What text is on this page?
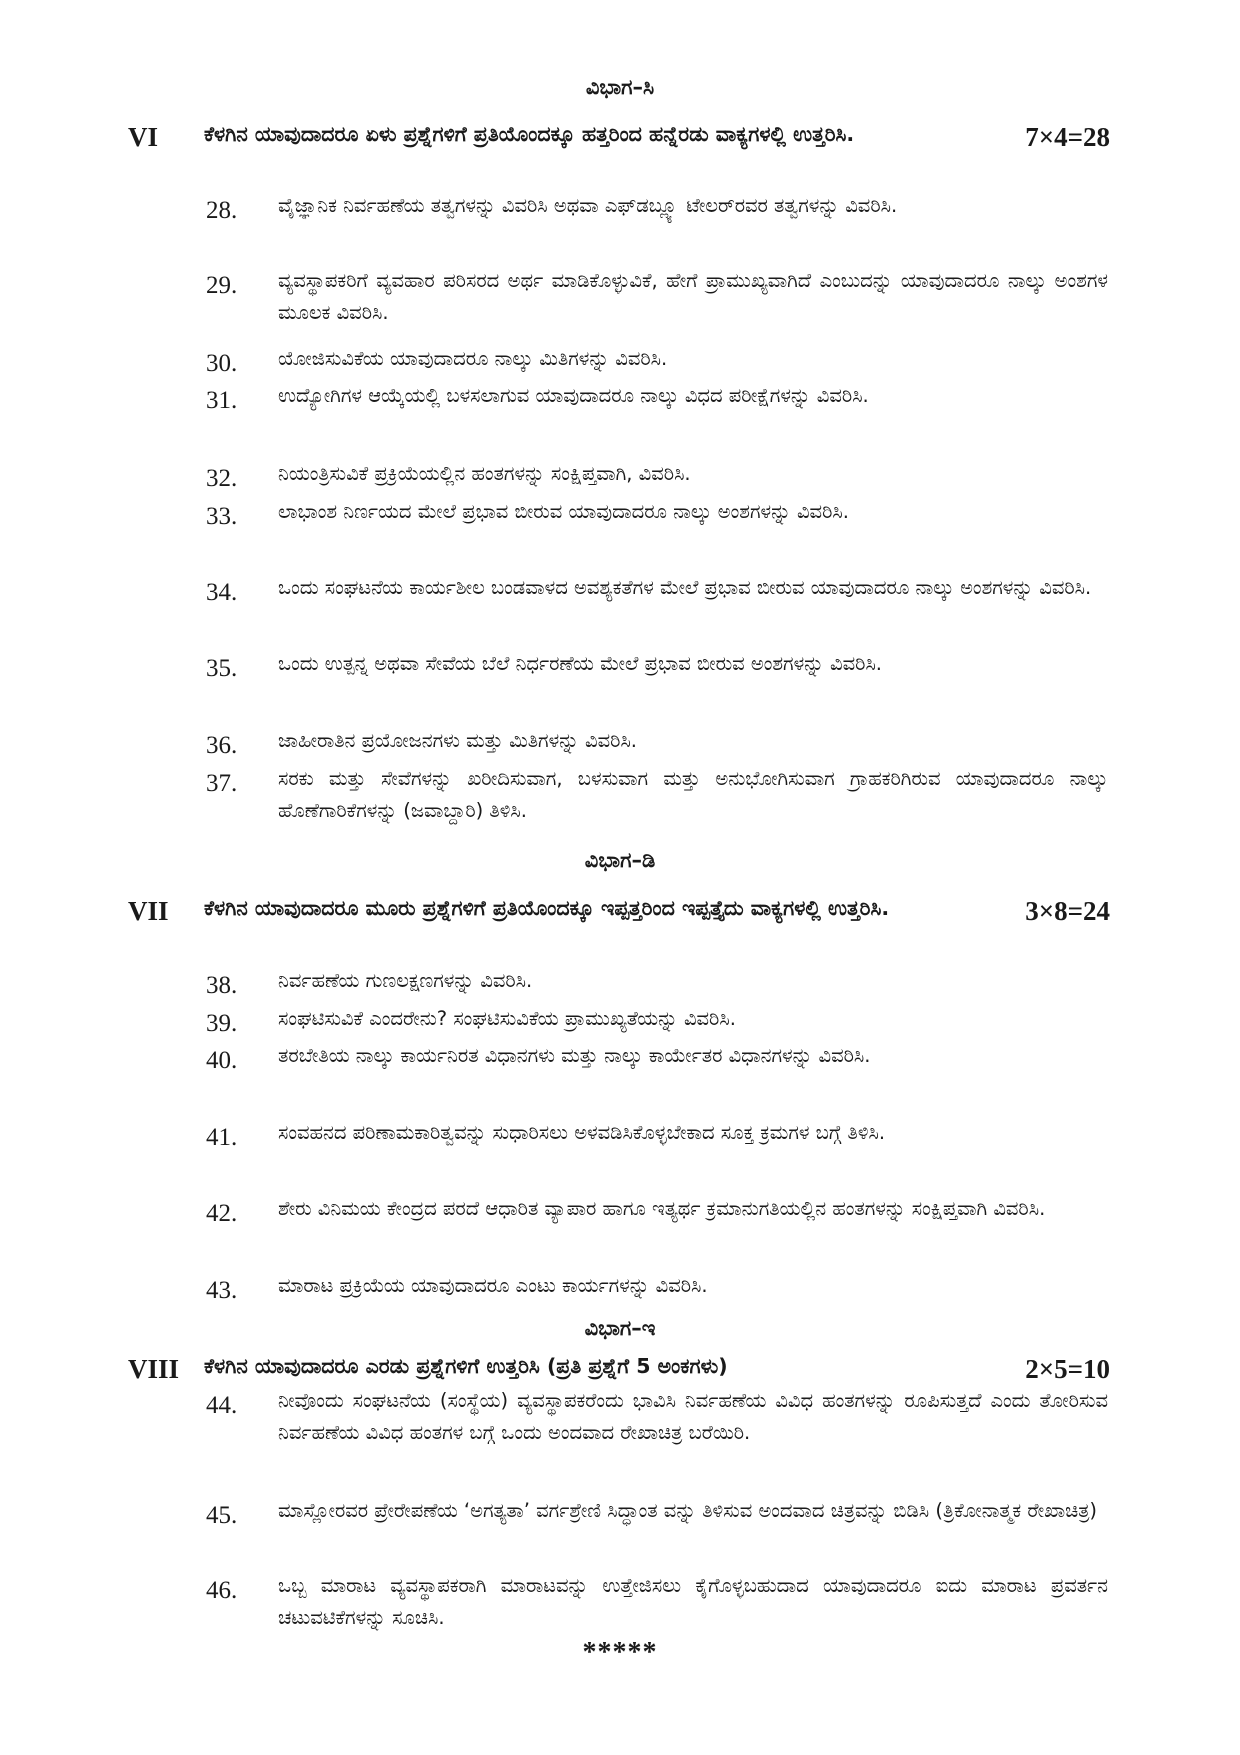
ವಿಭಾಗ–ಸಿ
VI ಕೆಳಗಿನ ಯಾವುದಾದರೂ ಏಳು ಪ್ರಶ್ನೆಗಳಿಗೆ ಪ್ರತಿಯೊಂದಕ್ಕೂ ಹತ್ತರಿಂದ ಹನ್ನೆರಡು ವಾಕ್ಯಗಳಲ್ಲಿ ಉತ್ತರಿಸಿ.	7×4=28
28. ವೈಜ್ಞಾನಿಕ ನಿರ್ವಹಣೆಯ ತತ್ವಗಳನ್ನು ವಿವರಿಸಿ ಅಥವಾ ಎಫ್‌ಡಬ್ಲ್ಯೂ ಟೇಲರ್‌ರವರ ತತ್ವಗಳನ್ನು ವಿವರಿಸಿ.
29. ವ್ಯವಸ್ಥಾಪಕರಿಗೆ ವ್ಯವಹಾರ ಪರಿಸರದ ಅರ್ಥ ಮಾಡಿಕೊಳ್ಳುವಿಕೆ, ಹೇಗೆ ಪ್ರಾಮುಖ್ಯವಾಗಿದೆ ಎಂಬುದನ್ನು ಯಾವುದಾದರೂ ನಾಲ್ಕು ಅಂಶಗಳ ಮೂಲಕ ವಿವರಿಸಿ.
30. ಯೋಜಿಸುವಿಕೆಯ ಯಾವುದಾದರೂ ನಾಲ್ಕು ಮಿತಿಗಳನ್ನು ವಿವರಿಸಿ.
31. ಉದ್ಯೋಗಿಗಳ ಆಯ್ಕೆಯಲ್ಲಿ ಬಳಸಲಾಗುವ ಯಾವುದಾದರೂ ನಾಲ್ಕು ವಿಧದ ಪರೀಕ್ಷೆಗಳನ್ನು ವಿವರಿಸಿ.
32. ನಿಯಂತ್ರಿಸುವಿಕೆ ಪ್ರಕ್ರಿಯೆಯಲ್ಲಿನ ಹಂತಗಳನ್ನು ಸಂಕ್ಷಿಪ್ತವಾಗಿ, ವಿವರಿಸಿ.
33. ಲಾಭಾಂಶ ನಿರ್ಣಯದ ಮೇಲೆ ಪ್ರಭಾವ ಬೀರುವ ಯಾವುದಾದರೂ ನಾಲ್ಕು ಅಂಶಗಳನ್ನು ವಿವರಿಸಿ.
34. ಒಂದು ಸಂಘಟನೆಯ ಕಾರ್ಯಶೀಲ ಬಂಡವಾಳದ ಅವಶ್ಯಕತೆಗಳ ಮೇಲೆ ಪ್ರಭಾವ ಬೀರುವ ಯಾವುದಾದರೂ ನಾಲ್ಕು ಅಂಶಗಳನ್ನು ವಿವರಿಸಿ.
35. ಒಂದು ಉತ್ಪನ್ನ ಅಥವಾ ಸೇವೆಯ ಬೆಲೆ ನಿರ್ಧರಣೆಯ ಮೇಲೆ ಪ್ರಭಾವ ಬೀರುವ ಅಂಶಗಳನ್ನು ವಿವರಿಸಿ.
36. ಜಾಹೀರಾತಿನ ಪ್ರಯೋಜನಗಳು ಮತ್ತು ಮಿತಿಗಳನ್ನು ವಿವರಿಸಿ.
37. ಸರಕು ಮತ್ತು ಸೇವೆಗಳನ್ನು ಖರೀದಿಸುವಾಗ, ಬಳಸುವಾಗ ಮತ್ತು ಅನುಭೋಗಿಸುವಾಗ ಗ್ರಾಹಕರಿಗಿರುವ ಯಾವುದಾದರೂ ನಾಲ್ಕು ಹೊಣೆಗಾರಿಕೆಗಳನ್ನು (ಜವಾಬ್ದಾರಿ) ತಿಳಿಸಿ.
ವಿಭಾಗ–ಡಿ
VII ಕೆಳಗಿನ ಯಾವುದಾದರೂ ಮೂರು ಪ್ರಶ್ನೆಗಳಿಗೆ ಪ್ರತಿಯೊಂದಕ್ಕೂ ಇಪ್ಪತ್ತರಿಂದ ಇಪ್ಪತ್ತೈದು ವಾಕ್ಯಗಳಲ್ಲಿ ಉತ್ತರಿಸಿ.	3×8=24
38. ನಿರ್ವಹಣೆಯ ಗುಣಲಕ್ಷಣಗಳನ್ನು ವಿವರಿಸಿ.
39. ಸಂಘಟಿಸುವಿಕೆ ಎಂದರೇನು? ಸಂಘಟಿಸುವಿಕೆಯ ಪ್ರಾಮುಖ್ಯತೆಯನ್ನು ವಿವರಿಸಿ.
40. ತರಬೇತಿಯ ನಾಲ್ಕು ಕಾರ್ಯನಿರತ ವಿಧಾನಗಳು ಮತ್ತು ನಾಲ್ಕು ಕಾರ್ಯೇತರ ವಿಧಾನಗಳನ್ನು ವಿವರಿಸಿ.
41. ಸಂವಹನದ ಪರಿಣಾಮಕಾರಿತ್ವವನ್ನು ಸುಧಾರಿಸಲು ಅಳವಡಿಸಿಕೊಳ್ಳಬೇಕಾದ ಸೂಕ್ತ ಕ್ರಮಗಳ ಬಗ್ಗೆ ತಿಳಿಸಿ.
42. ಶೇರು ವಿನಿಮಯ ಕೇಂದ್ರದ ಪರದೆ ಆಧಾರಿತ ವ್ಯಾಪಾರ ಹಾಗೂ ಇತ್ಯರ್ಥ ಕ್ರಮಾನುಗತಿಯಲ್ಲಿನ ಹಂತಗಳನ್ನು ಸಂಕ್ಷಿಪ್ತವಾಗಿ ವಿವರಿಸಿ.
43. ಮಾರಾಟ ಪ್ರಕ್ರಿಯೆಯ ಯಾವುದಾದರೂ ಎಂಟು ಕಾರ್ಯಗಳನ್ನು ವಿವರಿಸಿ.
ವಿಭಾಗ–ಇ
VIII ಕೆಳಗಿನ ಯಾವುದಾದರೂ ಎರಡು ಪ್ರಶ್ನೆಗಳಿಗೆ ಉತ್ತರಿಸಿ (ಪ್ರತಿ ಪ್ರಶ್ನೆಗೆ 5 ಅಂಕಗಳು)	2×5=10
44. ನೀವೊಂದು ಸಂಘಟನೆಯ (ಸಂಸ್ಥೆಯ) ವ್ಯವಸ್ಥಾಪಕರೆಂದು ಭಾವಿಸಿ ನಿರ್ವಹಣೆಯ ವಿವಿಧ ಹಂತಗಳನ್ನು ರೂಪಿಸುತ್ತದೆ ಎಂದು ತೋರಿಸುವ ನಿರ್ವಹಣೆಯ ವಿವಿಧ ಹಂತಗಳ ಬಗ್ಗೆ ಒಂದು ಅಂದವಾದ ರೇಖಾಚಿತ್ರ ಬರೆಯಿರಿ.
45. ಮಾಸ್ಲೋರವರ ಪ್ರೇರೇಪಣೆಯ ‘ಅಗತ್ಯತಾ’ ವರ್ಗಶ್ರೇಣಿ ಸಿದ್ಧಾಂತ ವನ್ನು ತಿಳಿಸುವ ಅಂದವಾದ ಚಿತ್ರವನ್ನು ಬಿಡಿಸಿ (ತ್ರಿಕೋನಾತ್ಮಕ ರೇಖಾಚಿತ್ರ)
46. ಒಬ್ಬ ಮಾರಾಟ ವ್ಯವಸ್ಥಾಪಕರಾಗಿ ಮಾರಾಟವನ್ನು ಉತ್ತೇಜಿಸಲು ಕೈಗೊಳ್ಳಬಹುದಾದ ಯಾವುದಾದರೂ ಐದು ಮಾರಾಟ ಪ್ರವರ್ತನ ಚಟುವಟಿಕೆಗಳನ್ನು ಸೂಚಿಸಿ.
*****
